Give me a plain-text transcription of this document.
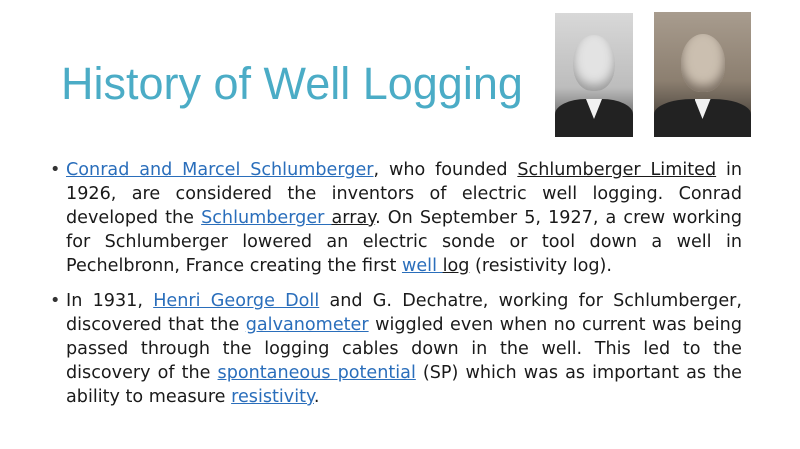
History of Well Logging
• Conrad and Marcel Schlumberger, who founded Schlumberger Limited in 1926, are considered the inventors of electric well logging. Conrad developed the Schlumberger array. On September 5, 1927, a crew working for Schlumberger lowered an electric sonde or tool down a well in Pechelbronn, France creating the first well log (resistivity log).
• In 1931, Henri George Doll and G. Dechatre, working for Schlumberger, discovered that the galvanometer wiggled even when no current was being passed through the logging cables down in the well. This led to the discovery of the spontaneous potential (SP) which was as important as the ability to measure resistivity.
